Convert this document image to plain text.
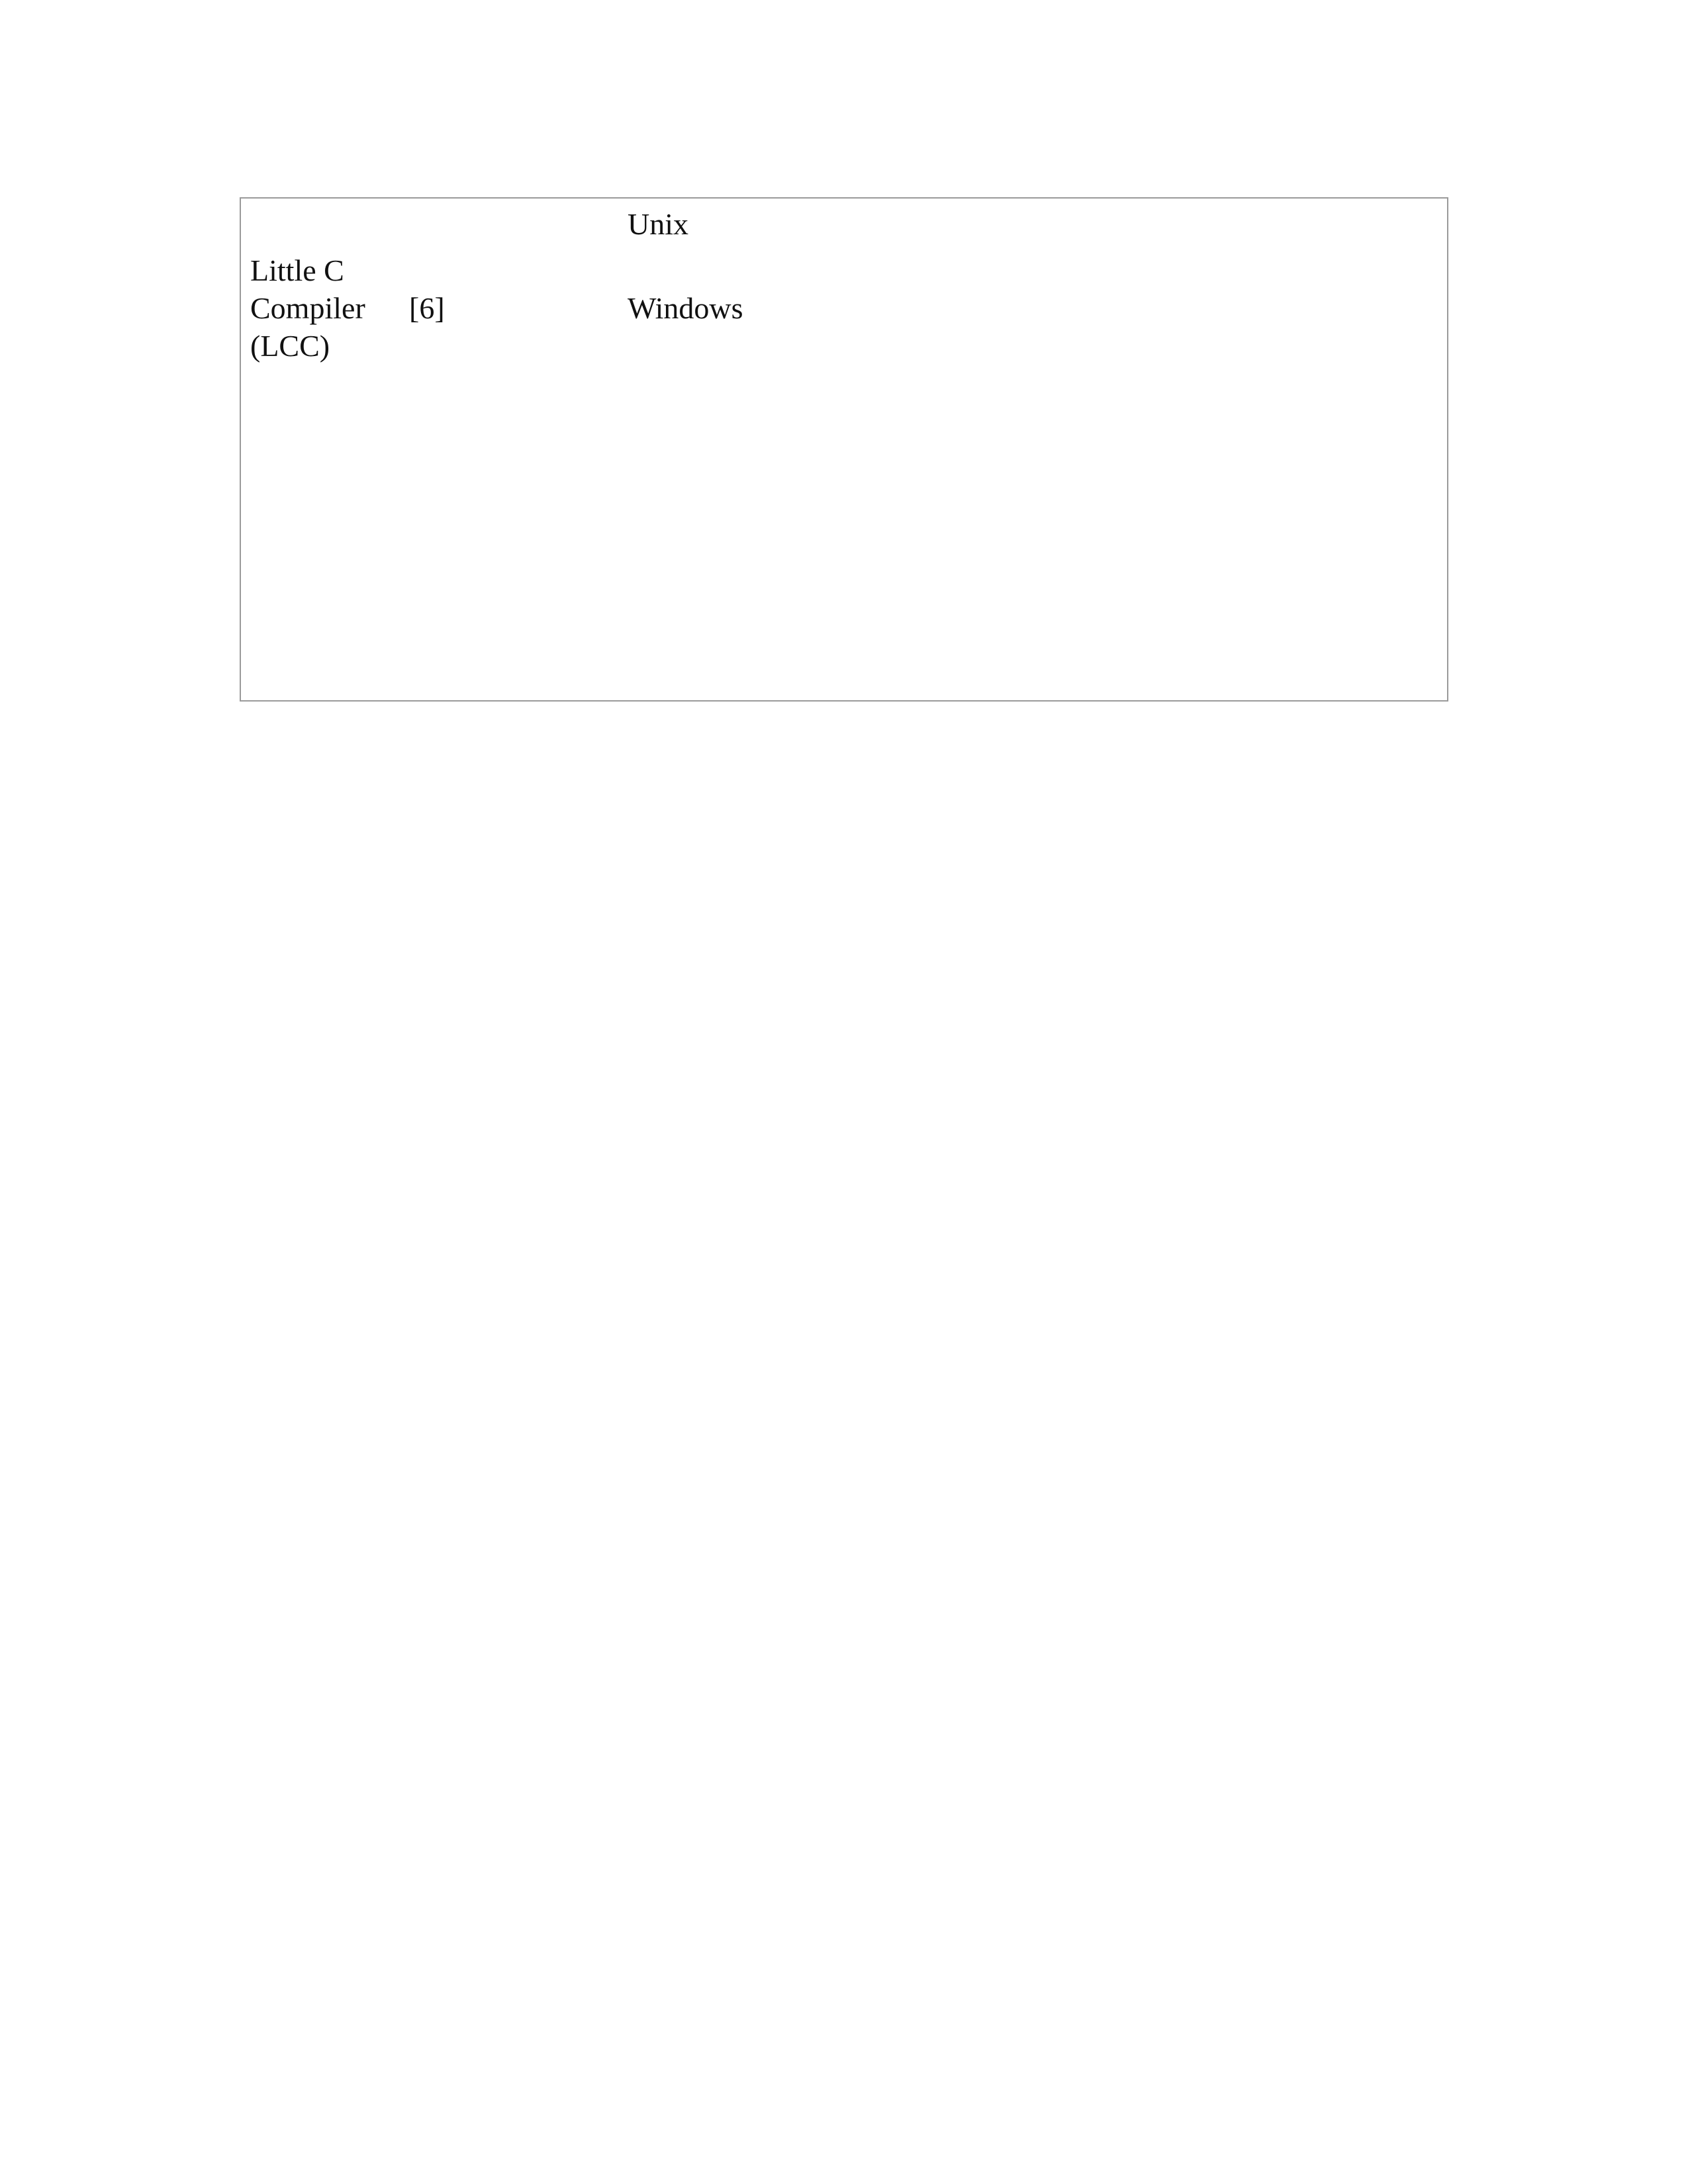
Unix
Little C Compiler (LCC)
[6]	Windows
